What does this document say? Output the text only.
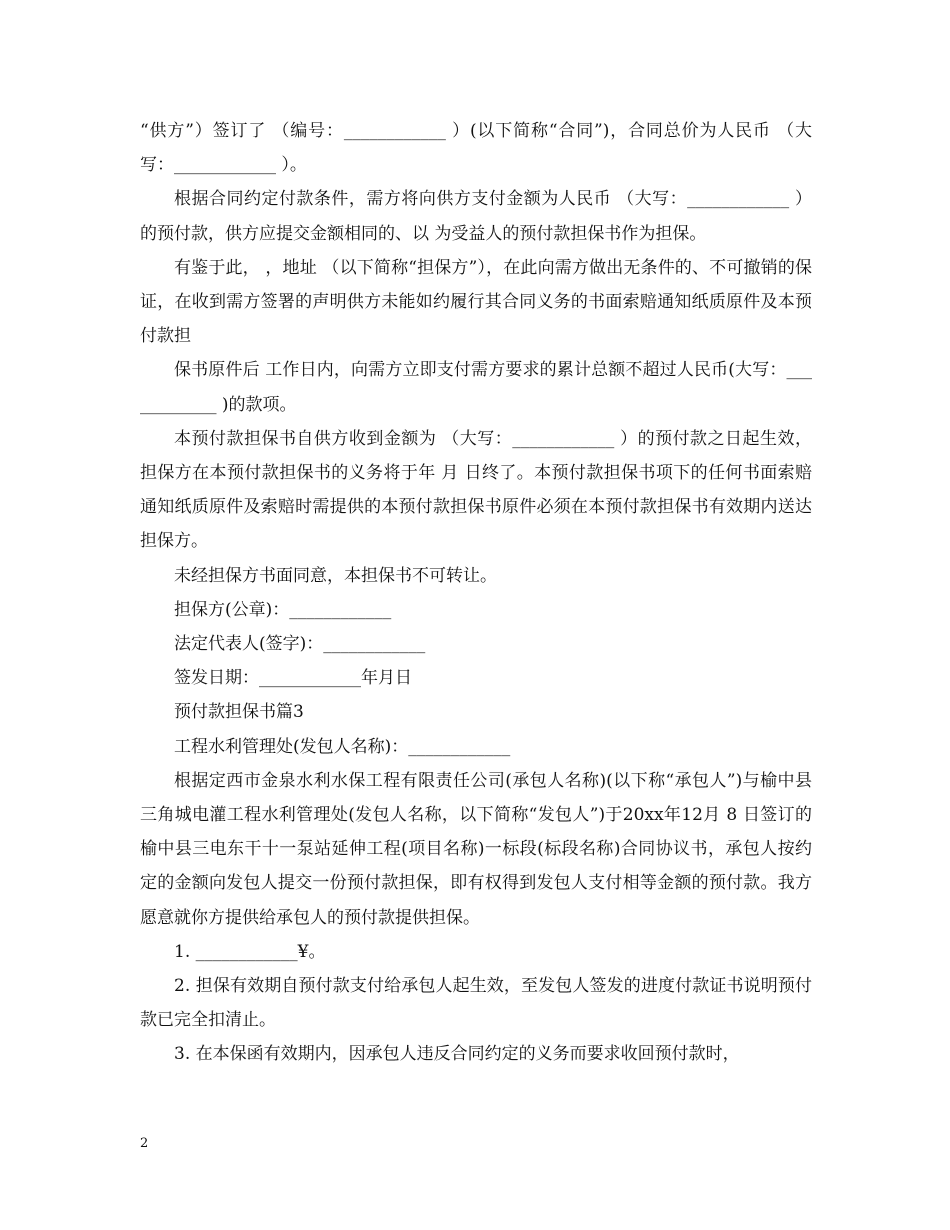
“供方”）签订了 （编号：____________ ）(以下简称“合同”)，合同总价为人民币 （大写：____________ ）。

根据合同约定付款条件，需方将向供方支付金额为人民币 （大写：____________ ）的预付款，供方应提交金额相同的、以 为受益人的预付款担保书作为担保。

有鉴于此， ，地址 （以下简称“担保方”），在此向需方做出无条件的、不可撤销的保证，在收到需方签署的声明供方未能如约履行其合同义务的书面索赔通知纸质原件及本预付款担

保书原件后 工作日内，向需方立即支付需方要求的累计总额不超过人民币(大写：____________ )的款项。

本预付款担保书自供方收到金额为 （大写：____________ ）的预付款之日起生效，担保方在本预付款担保书的义务将于年 月 日终了。本预付款担保书项下的任何书面索赔通知纸质原件及索赔时需提供的本预付款担保书原件必须在本预付款担保书有效期内送达担保方。

未经担保方书面同意，本担保书不可转让。

担保方(公章)：____________

法定代表人(签字)：____________

签发日期：____________年月日

预付款担保书篇3

工程水利管理处(发包人名称)：____________

根据定西市金泉水利水保工程有限责任公司(承包人名称)(以下称“承包人”)与榆中县三角城电灌工程水利管理处(发包人名称，以下简称“发包人”)于20xx年12月 8 日签订的榆中县三电东干十一泵站延伸工程(项目名称)一标段(标段名称)合同协议书，承包人按约定的金额向发包人提交一份预付款担保，即有权得到发包人支付相等金额的预付款。我方愿意就你方提供给承包人的预付款提供担保。

1. ____________¥。

2. 担保有效期自预付款支付给承包人起生效，至发包人签发的进度付款证书说明预付款已完全扣清止。

3. 在本保函有效期内，因承包人违反合同约定的义务而要求收回预付款时，

2
